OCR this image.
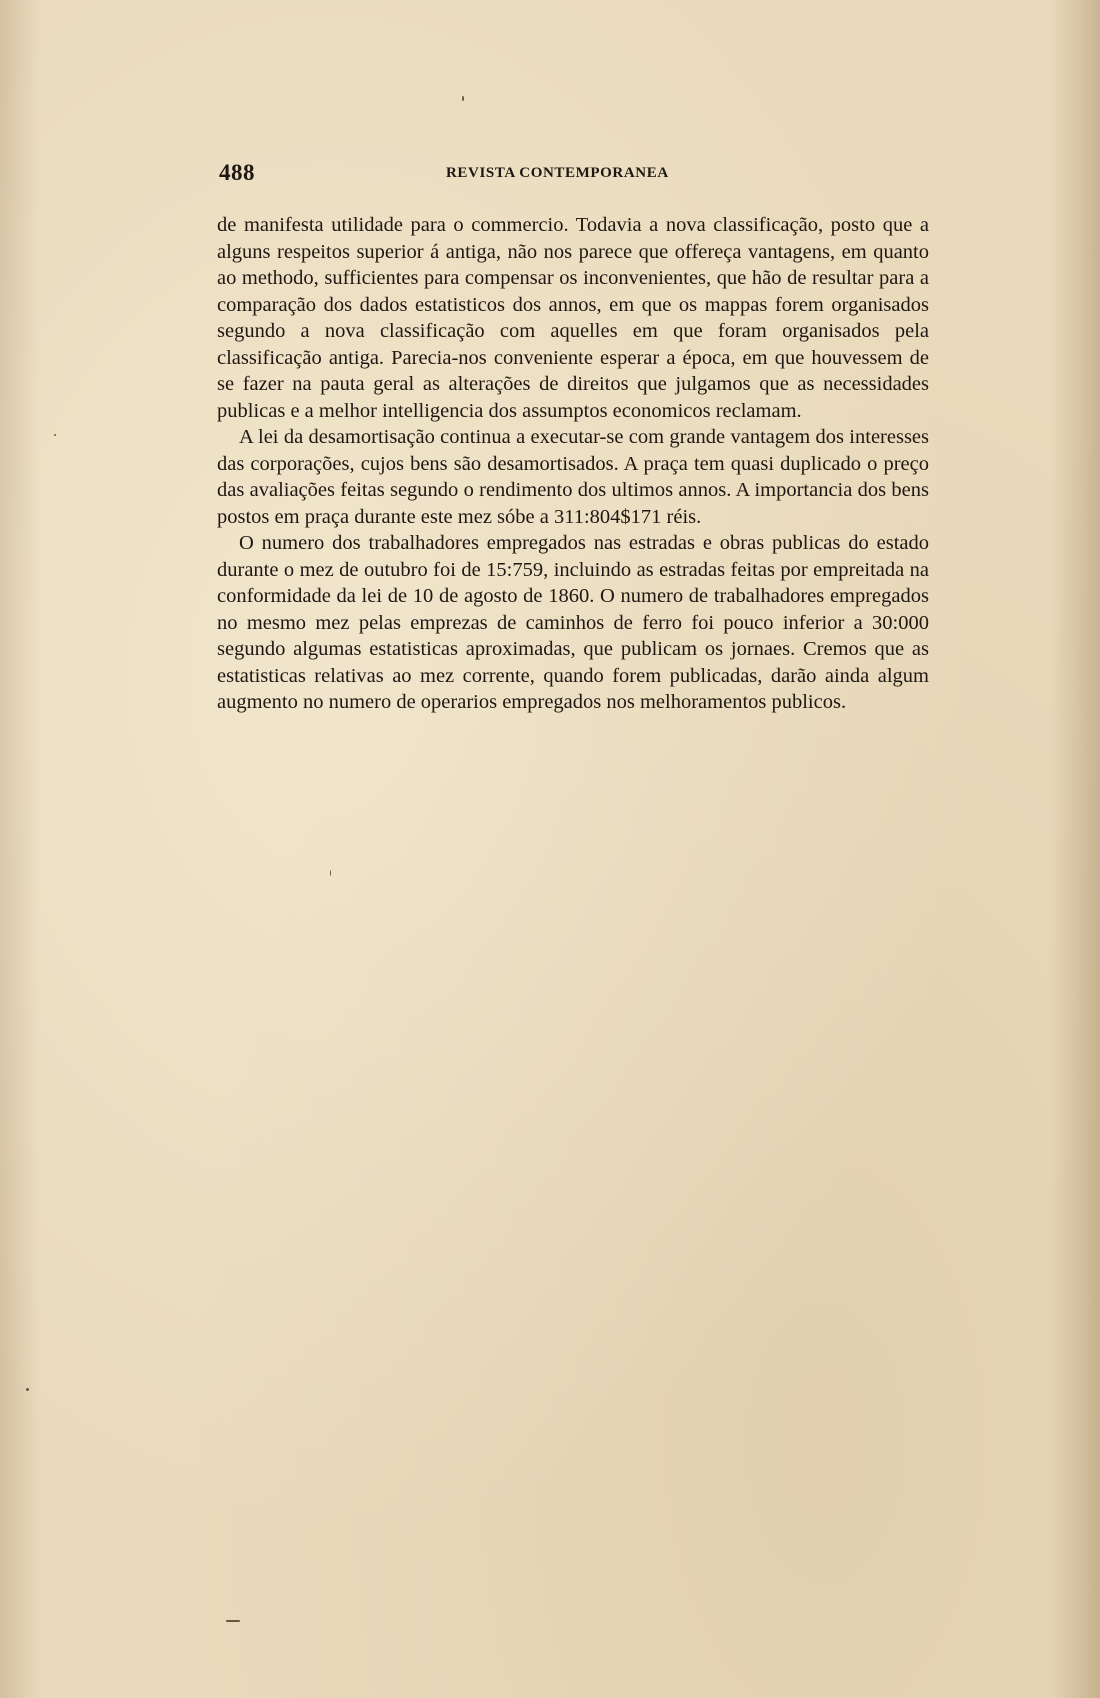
488	REVISTA CONTEMPORANEA

de manifesta utilidade para o commercio. Todavia a nova classificação, posto que a alguns respeitos superior á antiga, não nos parece que offereça vantagens, em quanto ao methodo, sufficientes para compensar os inconvenientes, que hão de resultar para a comparação dos dados estatisticos dos annos, em que os mappas forem organisados segundo a nova classificação com aquelles em que foram organisados pela classificação antiga. Parecia-nos conveniente esperar a época, em que houvessem de se fazer na pauta geral as alterações de direitos que julgamos que as necessidades publicas e a melhor intelligencia dos assumptos economicos reclamam.

A lei da desamortisação continua a executar-se com grande vantagem dos interesses das corporações, cujos bens são desamortisados. A praça tem quasi duplicado o preço das avaliações feitas segundo o rendimento dos ultimos annos. A importancia dos bens postos em praça durante este mez sóbe a 311:804$171 réis.

O numero dos trabalhadores empregados nas estradas e obras publicas do estado durante o mez de outubro foi de 15:759, incluindo as estradas feitas por empreitada na conformidade da lei de 10 de agosto de 1860. O numero de trabalhadores empregados no mesmo mez pelas emprezas de caminhos de ferro foi pouco inferior a 30:000 segundo algumas estatisticas aproximadas, que publicam os jornaes. Cremos que as estatisticas relativas ao mez corrente, quando forem publicadas, darão ainda algum augmento no numero de operarios empregados nos melhoramentos publicos.
